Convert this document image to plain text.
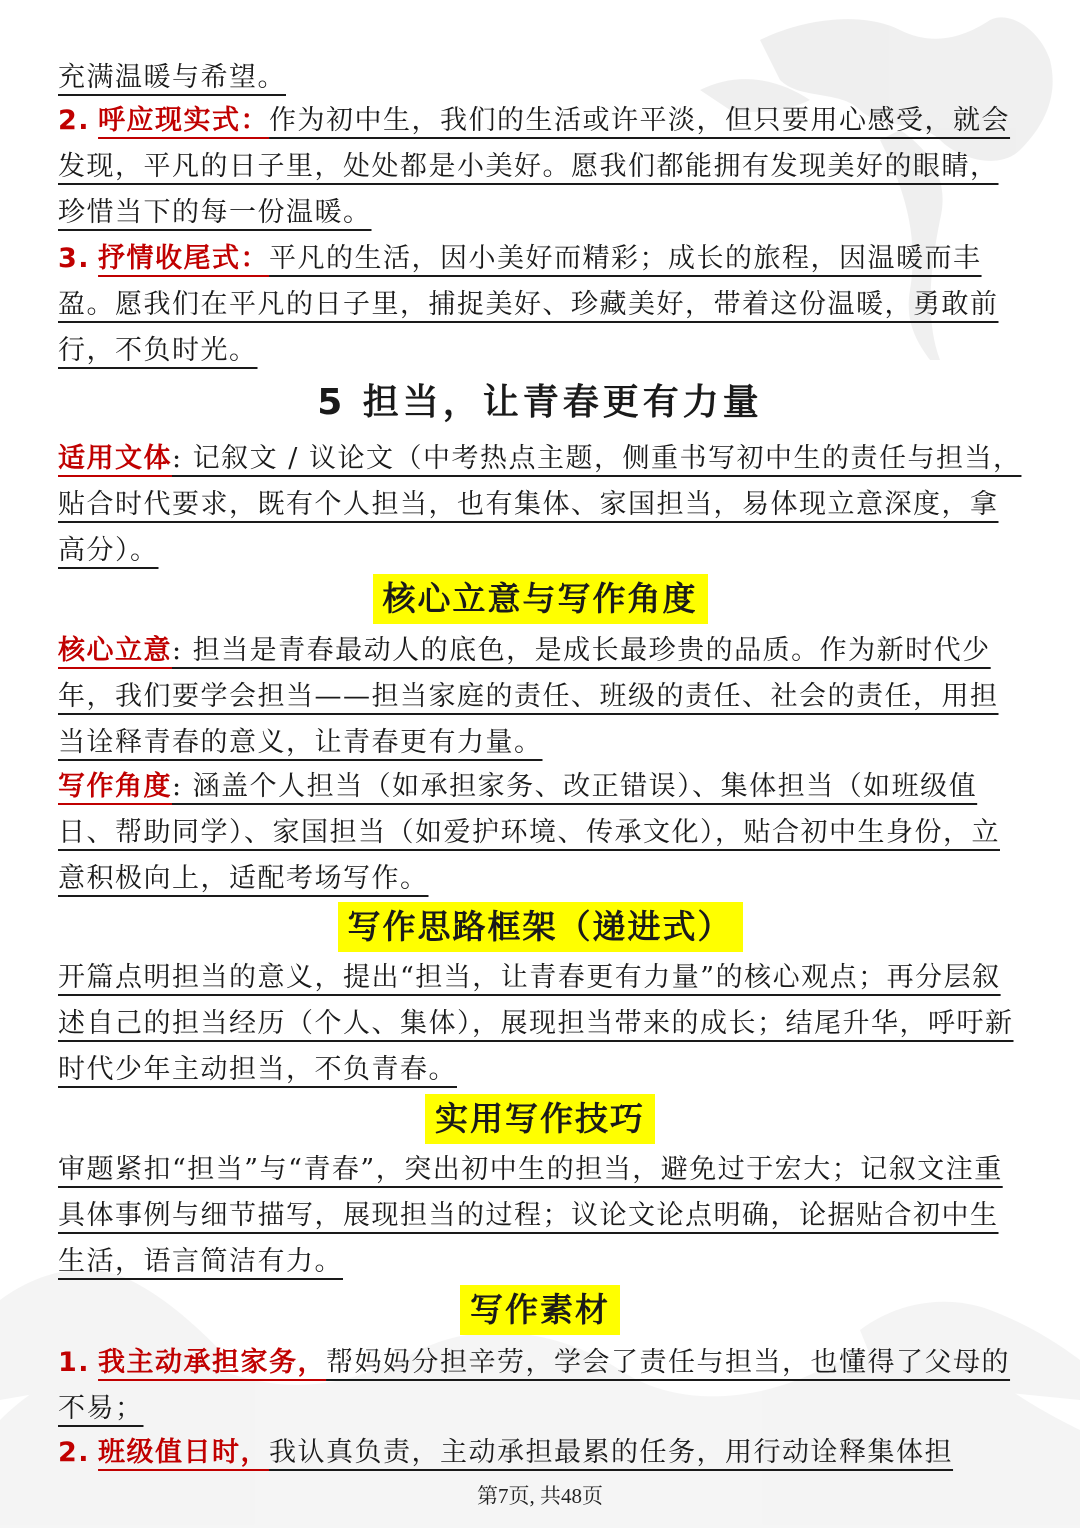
充满温暖与希望。

2. 呼应现实式：作为初中生，我们的生活或许平淡，但只要用心感受，就会发现，平凡的日子里，处处都是小美好。愿我们都能拥有发现美好的眼睛，珍惜当下的每一份温暖。

3. 抒情收尾式：平凡的生活，因小美好而精彩；成长的旅程，因温暖而丰盈。愿我们在平凡的日子里，捕捉美好、珍藏美好，带着这份温暖，勇敢前行，不负时光。

5 担当，让青春更有力量

适用文体: 记叙文 / 议论文（中考热点主题，侧重书写初中生的责任与担当，贴合时代要求，既有个人担当，也有集体、家国担当，易体现立意深度，拿高分）。

核心立意与写作角度

核心立意: 担当是青春最动人的底色，是成长最珍贵的品质。作为新时代少年，我们要学会担当——担当家庭的责任、班级的责任、社会的责任，用担当诠释青春的意义，让青春更有力量。

写作角度: 涵盖个人担当（如承担家务、改正错误）、集体担当（如班级值日、帮助同学）、家国担当（如爱护环境、传承文化），贴合初中生身份，立意积极向上，适配考场写作。

写作思路框架（递进式）

开篇点明担当的意义，提出“担当，让青春更有力量”的核心观点；再分层叙述自己的担当经历（个人、集体），展现担当带来的成长；结尾升华，呼吁新时代少年主动担当，不负青春。

实用写作技巧

审题紧扣“担当”与“青春”，突出初中生的担当，避免过于宏大；记叙文注重具体事例与细节描写，展现担当的过程；议论文论点明确，论据贴合初中生生活，语言简洁有力。

写作素材

1. 我主动承担家务，帮妈妈分担辛劳，学会了责任与担当，也懂得了父母的不易；

2. 班级值日时，我认真负责，主动承担最累的任务，用行动诠释集体担

第7页, 共48页
